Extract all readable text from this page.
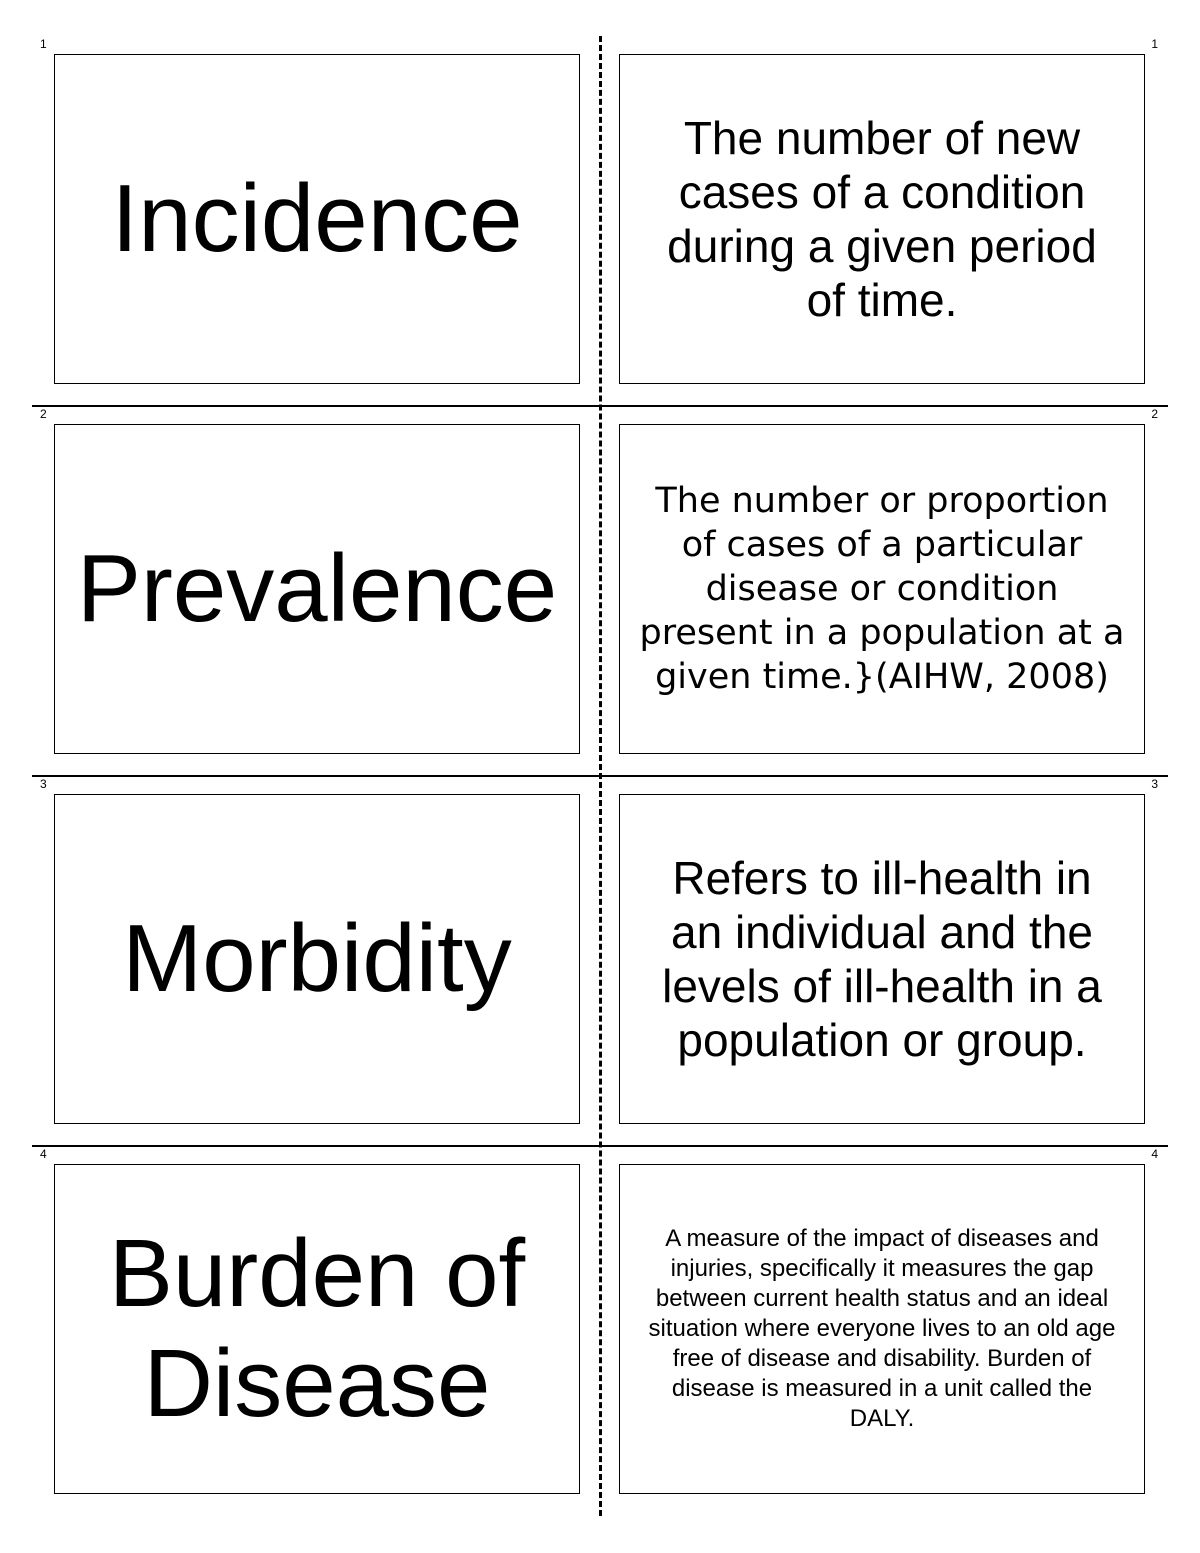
1	1
Incidence
The number of new cases of a condition during a given period of time.
2	2
Prevalence
The number or proportion of cases of a particular disease or condition present in a population at a given time.}(AIHW, 2008)
3	3
Morbidity
Refers to ill-health in an individual and the levels of ill-health in a population or group.
4	4
Burden of Disease
A measure of the impact of diseases and injuries, specifically it measures the gap between current health status and an ideal situation where everyone lives to an old age free of disease and disability. Burden of disease is measured in a unit called the DALY.
